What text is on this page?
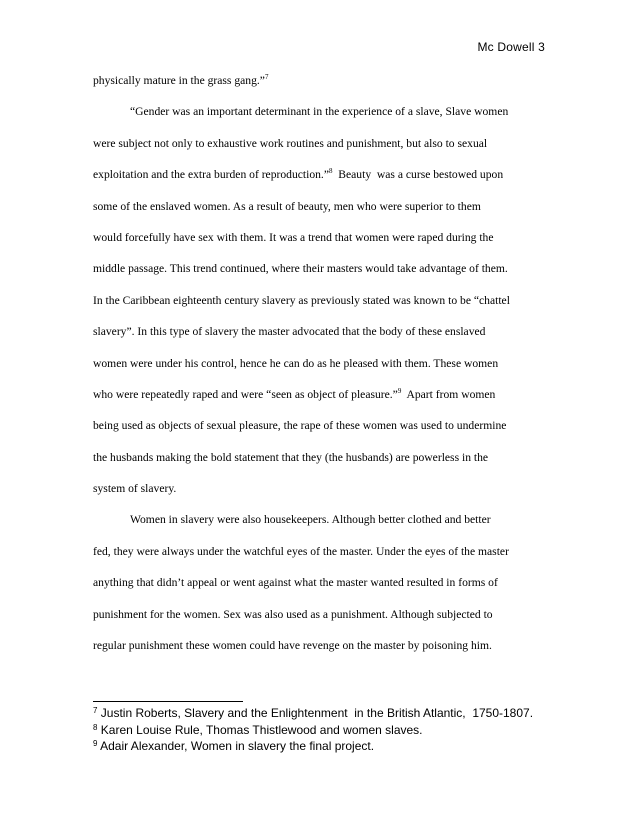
Mc Dowell 3
physically mature in the grass gang.”$^7$
“Gender was an important determinant in the experience of a slave, Slave women
were subject not only to exhaustive work routines and punishment, but also to sexual
exploitation and the extra burden of reproduction.”$^8$  Beauty  was a curse bestowed upon
some of the enslaved women. As a result of beauty, men who were superior to them
would forcefully have sex with them. It was a trend that women were raped during the
middle passage. This trend continued, where their masters would take advantage of them.
In the Caribbean eighteenth century slavery as previously stated was known to be “chattel
slavery”. In this type of slavery the master advocated that the body of these enslaved
women were under his control, hence he can do as he pleased with them. These women
who were repeatedly raped and were “seen as object of pleasure.”$^9$  Apart from women
being used as objects of sexual pleasure, the rape of these women was used to undermine
the husbands making the bold statement that they (the husbands) are powerless in the
system of slavery.
Women in slavery were also housekeepers. Although better clothed and better
fed, they were always under the watchful eyes of the master. Under the eyes of the master
anything that didn’t appeal or went against what the master wanted resulted in forms of
punishment for the women. Sex was also used as a punishment. Although subjected to
regular punishment these women could have revenge on the master by poisoning him.
$^7$ Justin Roberts, Slavery and the Enlightenment  in the British Atlantic,  1750-1807.
$^8$ Karen Louise Rule, Thomas Thistlewood and women slaves.
$^9$ Adair Alexander, Women in slavery the final project.
